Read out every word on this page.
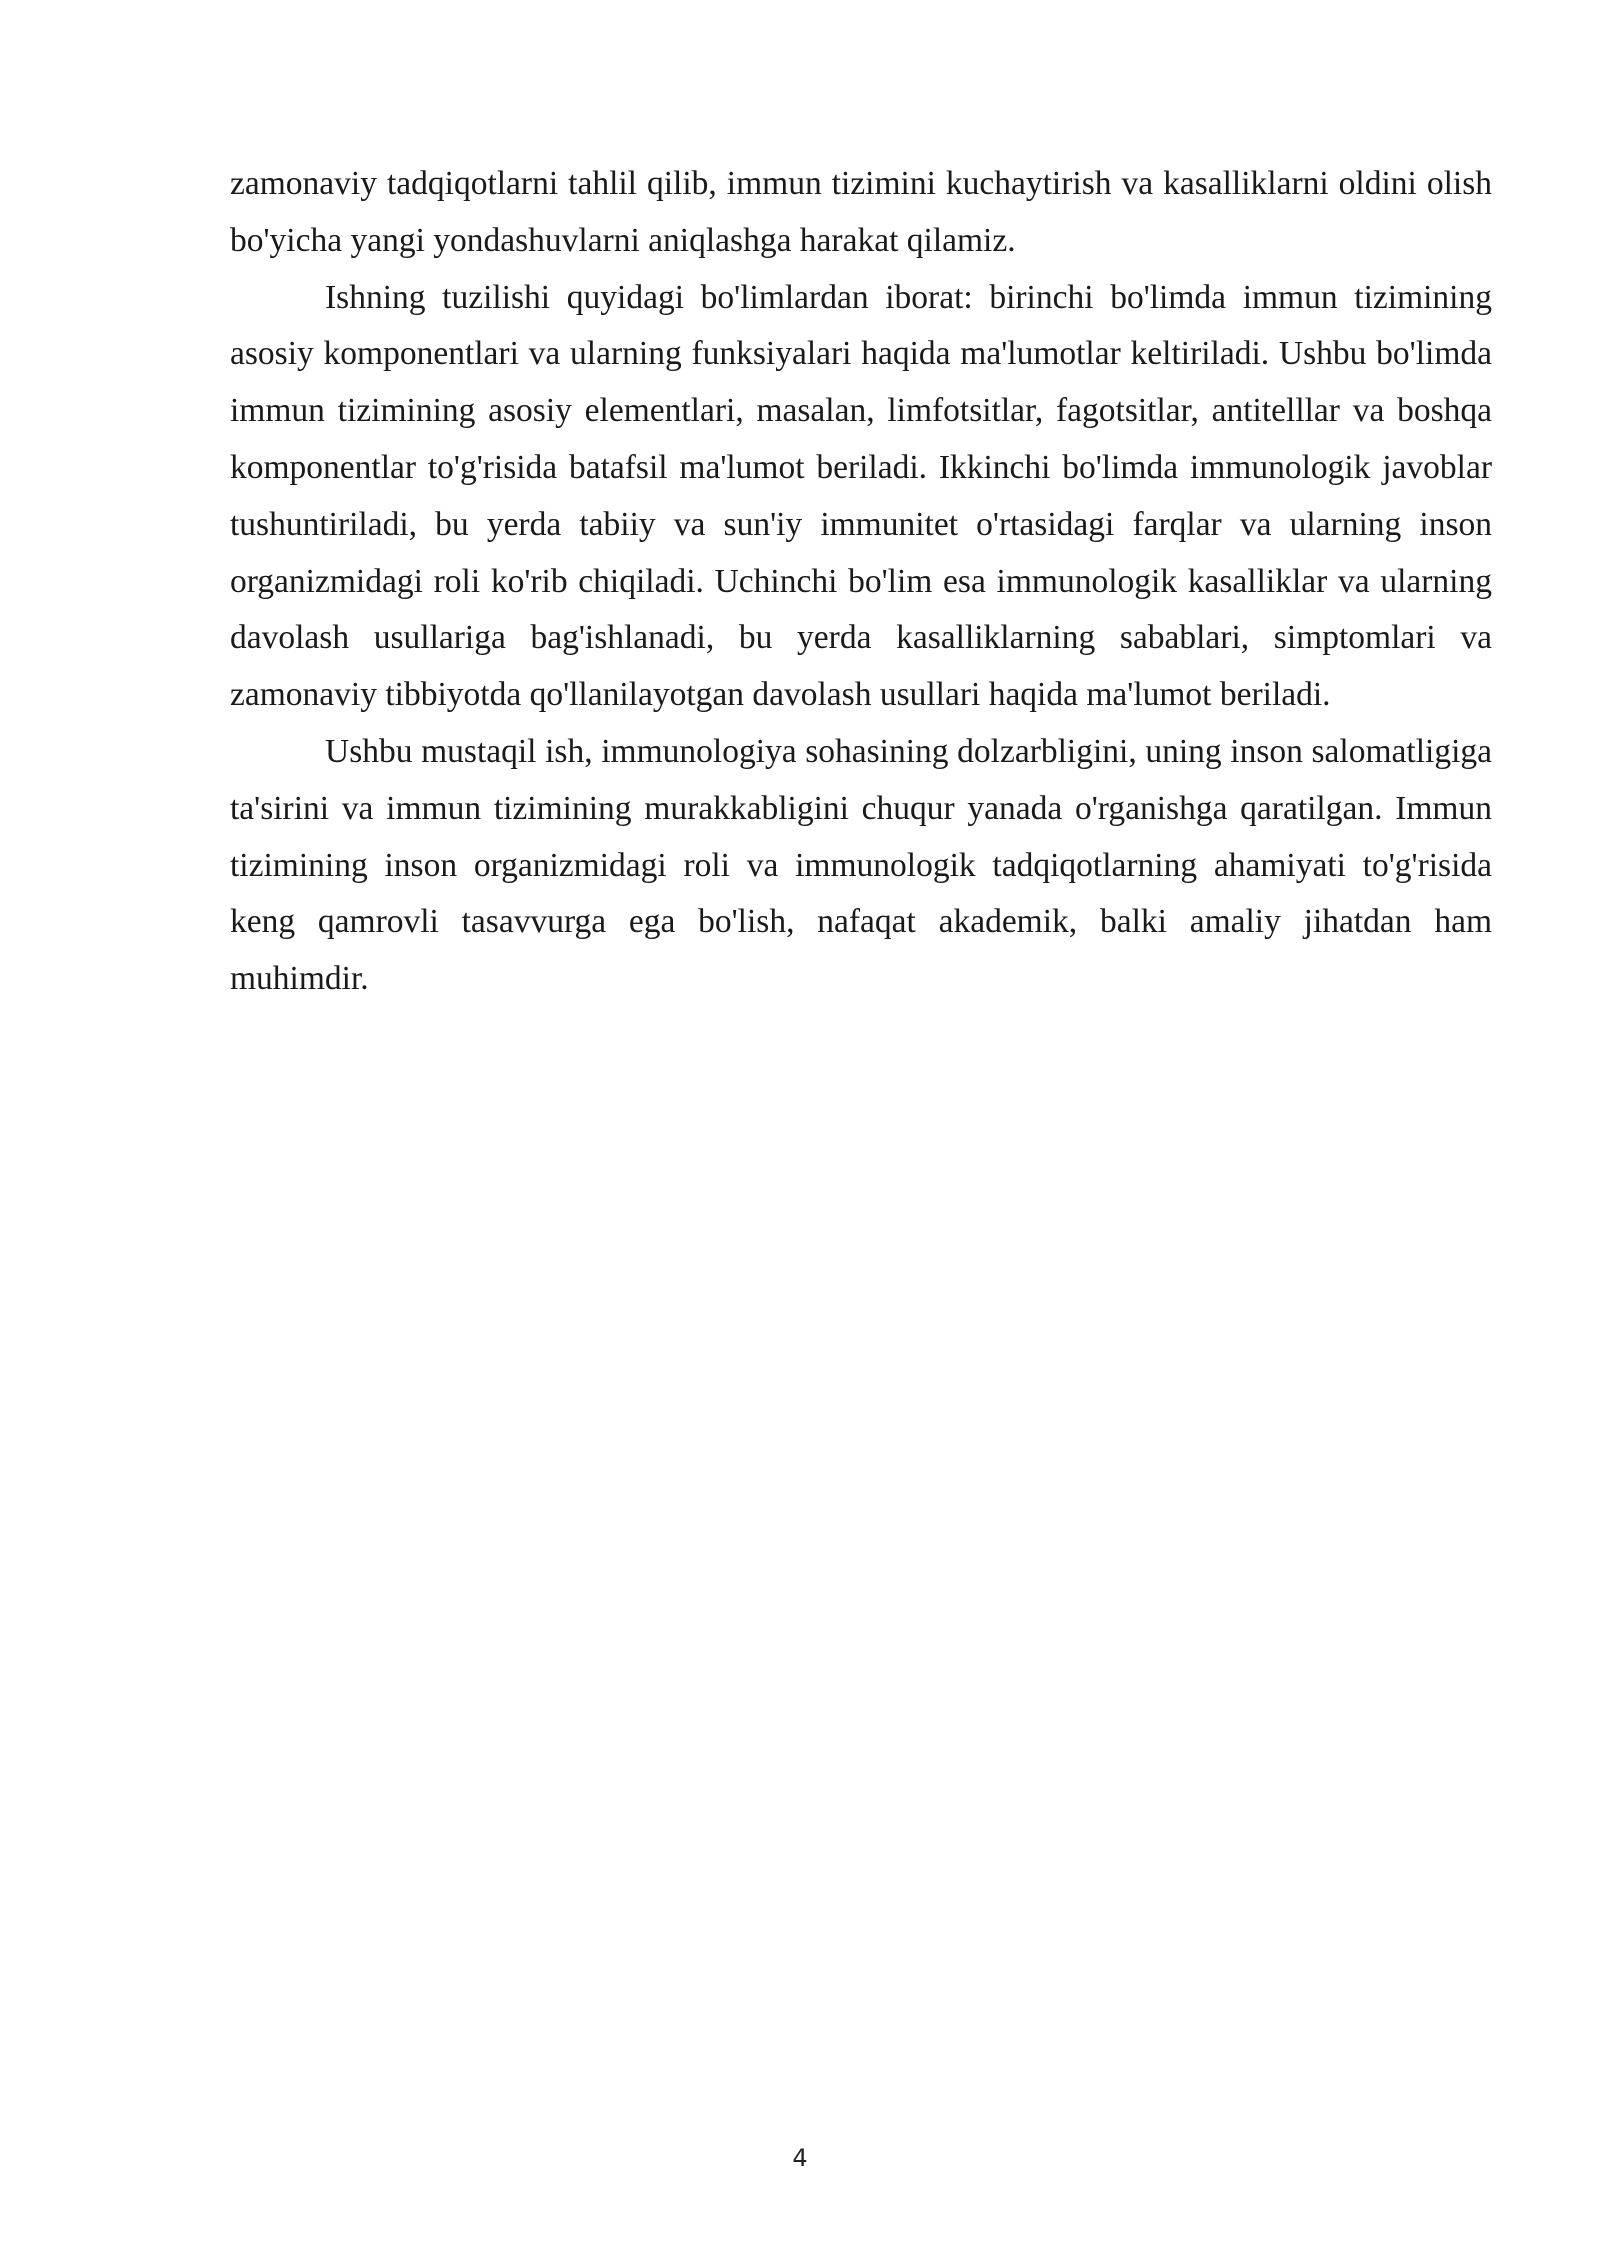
zamonaviy tadqiqotlarni tahlil qilib, immun tizimini kuchaytirish va kasalliklarni oldini olish bo'yicha yangi yondashuvlarni aniqlashga harakat qilamiz.

Ishning tuzilishi quyidagi bo'limlardan iborat: birinchi bo'limda immun tizimining asosiy komponentlari va ularning funksiyalari haqida ma'lumotlar keltiriladi. Ushbu bo'limda immun tizimining asosiy elementlari, masalan, limfotsitlar, fagotsitlar, antitelllar va boshqa komponentlar to'g'risida batafsil ma'lumot beriladi. Ikkinchi bo'limda immunologik javoblar tushuntiriladi, bu yerda tabiiy va sun'iy immunitet o'rtasidagi farqlar va ularning inson organizmidagi roli ko'rib chiqiladi. Uchinchi bo'lim esa immunologik kasalliklar va ularning davolash usullariga bag'ishlanadi, bu yerda kasalliklarning sabablari, simptomlari va zamonaviy tibbiyotda qo'llanilayotgan davolash usullari haqida ma'lumot beriladi.

Ushbu mustaqil ish, immunologiya sohasining dolzarbligini, uning inson salomatligiga ta'sirini va immun tizimining murakkabligini chuqur yanada o'rganishga qaratilgan. Immun tizimining inson organizmidagi roli va immunologik tadqiqotlarning ahamiyati to'g'risida keng qamrovli tasavvurga ega bo'lish, nafaqat akademik, balki amaliy jihatdan ham muhimdir.

4
